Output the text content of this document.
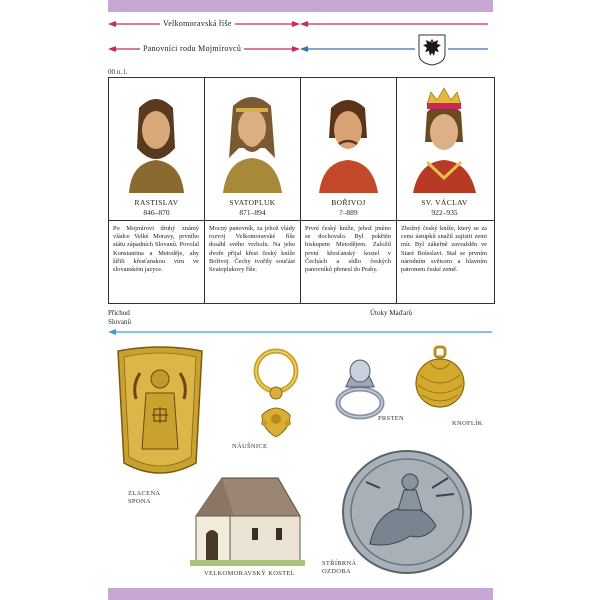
Velkomoravská říše
Panovníci rodu Mojmírovců
00 n. l.
RASTISLAV
846–870
Po Mojmírovi druhý známý vládce Velké Moravy, prvního státu západních Slovanů. Povolal Konstantina a Metoděje, aby šířili křesťanskou víru ve slovanském jazyce.
SVATOPLUK
871–894
Mocný panovník, za jehož vlády rozvoj Velkomoravské říše dosáhl svého vrcholu. Na jeho dvoře přijal křest český kníže Bořivoj. Čechy tvořily součást Svatoplukovy říše.
BOŘIVOJ
?–889
První český kníže, jehož jméno se dochovalo. Byl pokřtěn biskupem Metodějem. Založil první křesťanský kostel v Čechách a sídlo českých panovníků přenesl do Prahy.
SV. VÁCLAV
922–935
Zbožný český kníže, který se za cenu ústupků snažil zajistit zemi mír. Byl zákeřně zavražděn ve Staré Boleslavi. Stal se prvním národním světcem a hlavním patronem české země.
Příchod
Slovanů
Útoky Maďarů
ZLACENÁ
SPONA
NÁUŠNICE
PRSTEN
KNOFLÍK
VELKOMORAVSKÝ KOSTEL
STŘÍBRNÁ
OZDOBA
